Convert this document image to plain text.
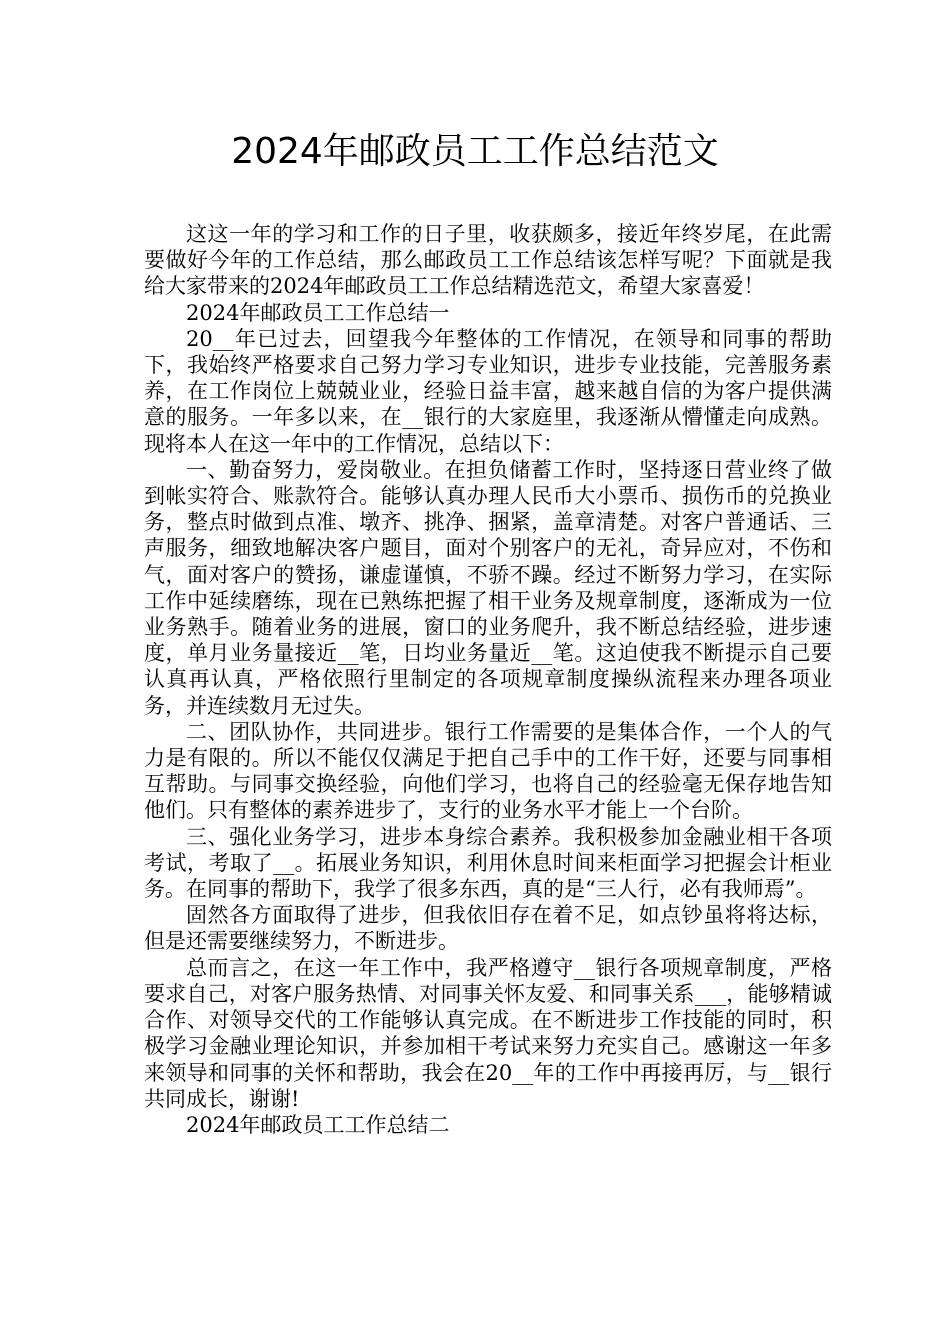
2024年邮政员工工作总结范文

这这一年的学习和工作的日子里，收获颇多，接近年终岁尾，在此需要做好今年的工作总结，那么邮政员工工作总结该怎样写呢？下面就是我给大家带来的2024年邮政员工工作总结精选范文，希望大家喜爱！

2024年邮政员工工作总结一

20__年已过去，回望我今年整体的工作情况，在领导和同事的帮助下，我始终严格要求自己努力学习专业知识，进步专业技能，完善服务素养，在工作岗位上兢兢业业，经验日益丰富，越来越自信的为客户提供满意的服务。一年多以来，在__银行的大家庭里，我逐渐从懵懂走向成熟。现将本人在这一年中的工作情况，总结以下：

一、勤奋努力，爱岗敬业。在担负储蓄工作时，坚持逐日营业终了做到帐实符合、账款符合。能够认真办理人民币大小票币、损伤币的兑换业务，整点时做到点准、墩齐、挑净、捆紧，盖章清楚。对客户普通话、三声服务，细致地解决客户题目，面对个别客户的无礼，奇异应对，不伤和气，面对客户的赞扬，谦虚谨慎，不骄不躁。经过不断努力学习，在实际工作中延续磨练，现在已熟练把握了相干业务及规章制度，逐渐成为一位业务熟手。随着业务的进展，窗口的业务爬升，我不断总结经验，进步速度，单月业务量接近__笔，日均业务量近__笔。这迫使我不断提示自己要认真再认真，严格依照行里制定的各项规章制度操纵流程来办理各项业务，并连续数月无过失。

二、团队协作，共同进步。银行工作需要的是集体合作，一个人的气力是有限的。所以不能仅仅满足于把自己手中的工作干好，还要与同事相互帮助。与同事交换经验，向他们学习，也将自己的经验毫无保存地告知他们。只有整体的素养进步了，支行的业务水平才能上一个台阶。

三、强化业务学习，进步本身综合素养。我积极参加金融业相干各项考试，考取了__。拓展业务知识，利用休息时间来柜面学习把握会计柜业务。在同事的帮助下，我学了很多东西，真的是“三人行，必有我师焉”。

固然各方面取得了进步，但我依旧存在着不足，如点钞虽将将达标，但是还需要继续努力，不断进步。

总而言之，在这一年工作中，我严格遵守__银行各项规章制度，严格要求自己，对客户服务热情、对同事关怀友爱、和同事关系___，能够精诚合作、对领导交代的工作能够认真完成。在不断进步工作技能的同时，积极学习金融业理论知识，并参加相干考试来努力充实自己。感谢这一年多来领导和同事的关怀和帮助，我会在20__年的工作中再接再厉，与__银行共同成长，谢谢!

2024年邮政员工工作总结二
